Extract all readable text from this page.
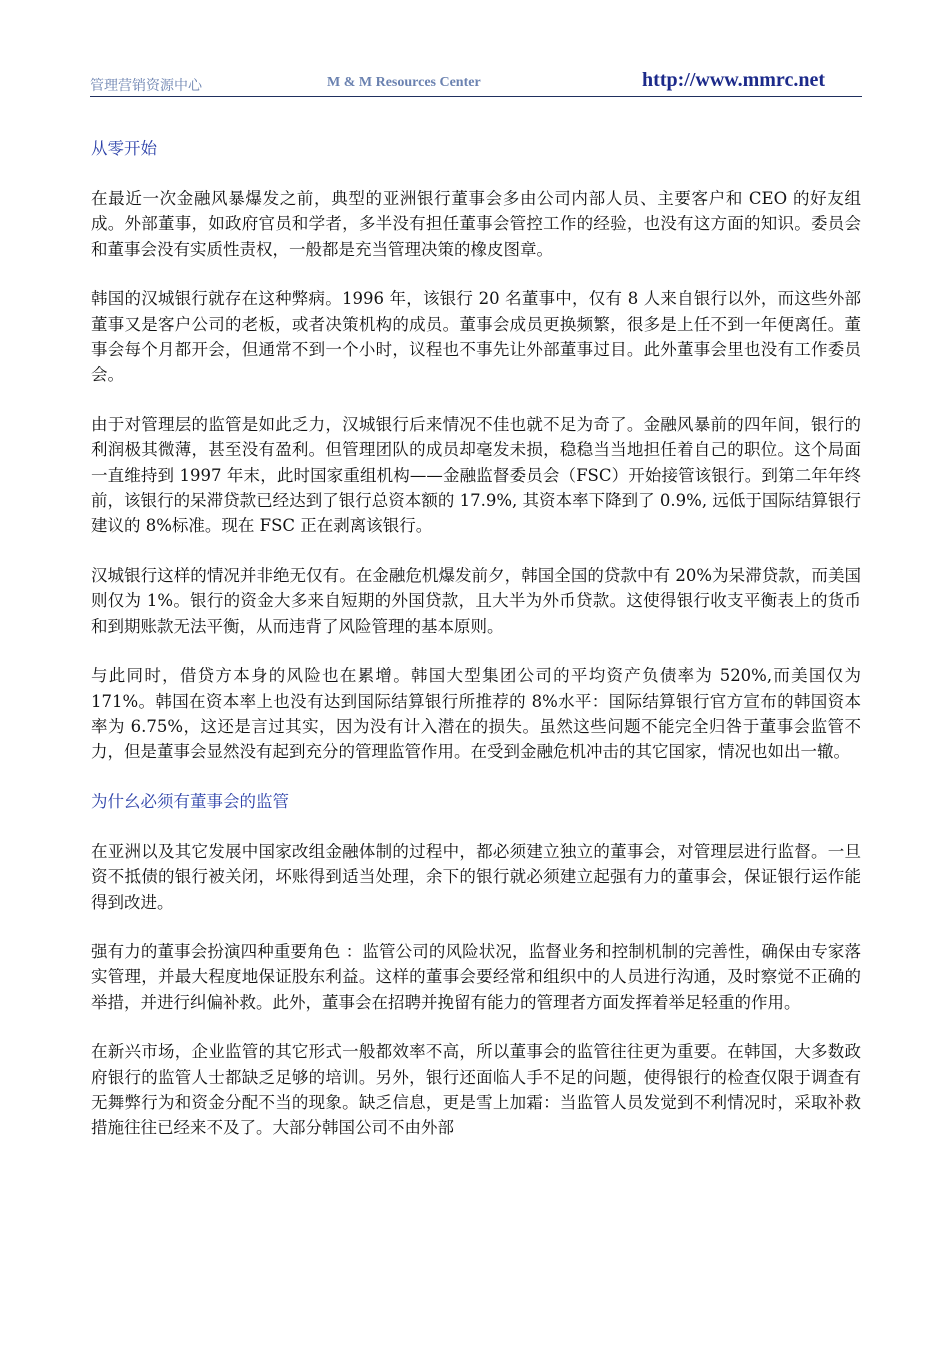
管理营销资源中心	M & M Resources Center	http://www.mmrc.net
从零开始

在最近一次金融风暴爆发之前，典型的亚洲银行董事会多由公司内部人员、主要客户和 CEO 的好友组成。外部董事，如政府官员和学者，多半没有担任董事会管控工作的经验，也没有这方面的知识。委员会和董事会没有实质性责权，一般都是充当管理决策的橡皮图章。

韩国的汉城银行就存在这种弊病。1996 年，该银行 20 名董事中，仅有 8 人来自银行以外，而这些外部董事又是客户公司的老板，或者决策机构的成员。董事会成员更换频繁，很多是上任不到一年便离任。董事会每个月都开会，但通常不到一个小时，议程也不事先让外部董事过目。此外董事会里也没有工作委员会。

由于对管理层的监管是如此乏力，汉城银行后来情况不佳也就不足为奇了。金融风暴前的四年间，银行的利润极其微薄，甚至没有盈利。但管理团队的成员却毫发未损，稳稳当当地担任着自己的职位。这个局面一直维持到 1997 年末，此时国家重组机构——金融监督委员会（FSC）开始接管该银行。到第二年年终前，该银行的呆滞贷款已经达到了银行总资本额的 17.9%, 其资本率下降到了 0.9%, 远低于国际结算银行建议的 8%标准。现在 FSC 正在剥离该银行。

汉城银行这样的情况并非绝无仅有。在金融危机爆发前夕，韩国全国的贷款中有 20%为呆滞贷款，而美国则仅为 1%。银行的资金大多来自短期的外国贷款，且大半为外币贷款。这使得银行收支平衡表上的货币和到期账款无法平衡，从而违背了风险管理的基本原则。

与此同时，借贷方本身的风险也在累增。韩国大型集团公司的平均资产负债率为 520%,而美国仅为 171%。韩国在资本率上也没有达到国际结算银行所推荐的 8%水平：国际结算银行官方宣布的韩国资本率为 6.75%，这还是言过其实，因为没有计入潜在的损失。虽然这些问题不能完全归咎于董事会监管不力，但是董事会显然没有起到充分的管理监管作用。在受到金融危机冲击的其它国家，情况也如出一辙。

为什幺必须有董事会的监管

在亚洲以及其它发展中国家改组金融体制的过程中，都必须建立独立的董事会，对管理层进行监督。一旦资不抵债的银行被关闭，坏账得到适当处理，余下的银行就必须建立起强有力的董事会，保证银行运作能得到改进。

强有力的董事会扮演四种重要角色 ：监管公司的风险状况，监督业务和控制机制的完善性，确保由专家落实管理，并最大程度地保证股东利益。这样的董事会要经常和组织中的人员进行沟通，及时察觉不正确的举措，并进行纠偏补救。此外，董事会在招聘并挽留有能力的管理者方面发挥着举足轻重的作用。

在新兴市场，企业监管的其它形式一般都效率不高，所以董事会的监管往往更为重要。在韩国，大多数政府银行的监管人士都缺乏足够的培训。另外，银行还面临人手不足的问题，使得银行的检查仅限于调查有无舞弊行为和资金分配不当的现象。缺乏信息，更是雪上加霜：当监管人员发觉到不利情况时，采取补救措施往往已经来不及了。大部分韩国公司不由外部
